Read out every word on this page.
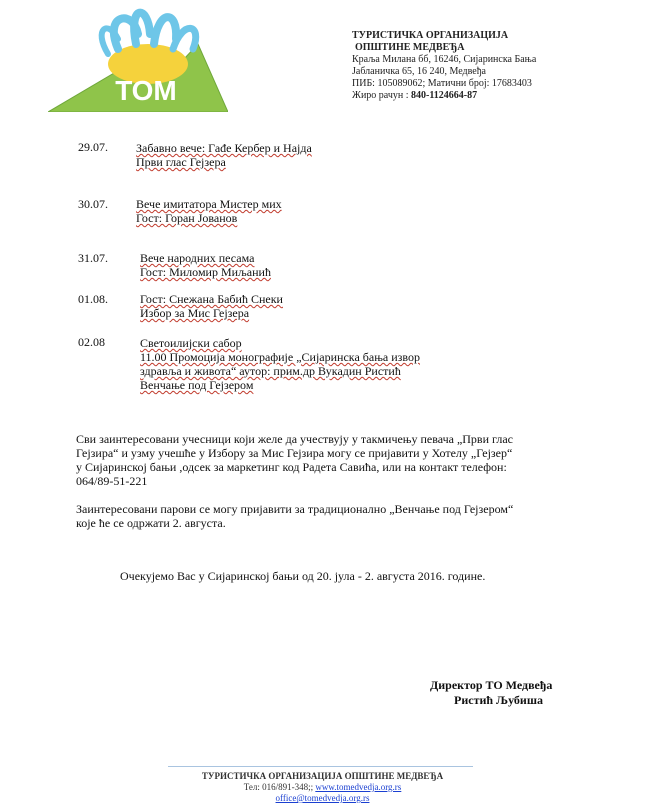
ТОМ
ТУРИСТИЧКА ОРГАНИЗАЦИЈА
ОПШТИНЕ МЕДВЕЂА
Краља Милана бб, 16246, Сијаринска Бања
Јабланичка 65, 16 240, Медвеђа
ПИБ: 105089062; Матични број: 17683403
Жиро рачун : 840-1124664-87
29.07. Забавно вече: Гаđе Кербер и Најда
Први глас Гејзера
30.07. Вече имитатора Мистер мих
Гост: Горан Јованов
31.07.	Вече народних песама
Гост: Миломир Миљанић
01.08.	Гост: Снежана Бабић Снеки
Избор за Мис Гејзера
02.08	Светоилијски сабор
11.00 Промоција монографије „Сијаринска бања извор
здравља и живота“ аутор: прим.др Вукадин Ристић
Венчање под Гејзером
Сви заинтересовани учесници који желе да учествују у такмичењу певача „Први глас
Гејзира“ и узму учешће у Избору за Мис Гејзира могу се пријавити у Хотелу „Гејзер“
у Сијаринској бањи ,одсек за маркетинг код Радета Савића, или на контакт телефон:
064/89-51-221
Заинтересовани парови се могу пријавити за традиционално „Венчање под Гејзером“
које ће се одржати 2. августа.
Очекујемо Вас у Сијаринској бањи од 20. јула - 2. августа 2016. године.
Директор ТО Медвеђа
Ристић Љубиша
ТУРИСТИЧКА ОРГАНИЗАЦИЈА ОПШТИНЕ МЕДВЕЂА
Тел: 016/891-348;; www.tomedvedja.org.rs
office@tomedvedja.org.rs
